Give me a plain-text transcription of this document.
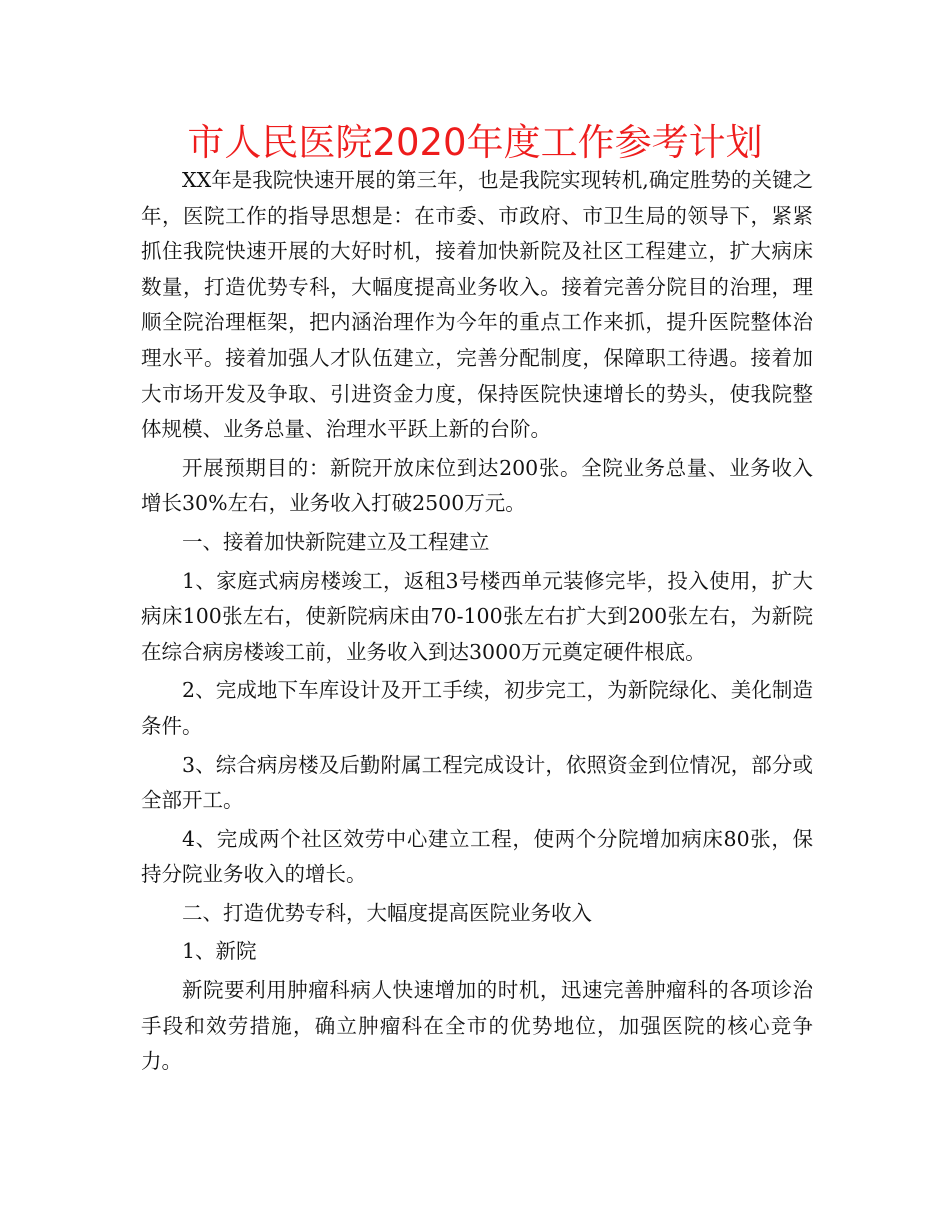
市人民医院2020年度工作参考计划

XX年是我院快速开展的第三年，也是我院实现转机,确定胜势的关键之年，医院工作的指导思想是：在市委、市政府、市卫生局的领导下，紧紧抓住我院快速开展的大好时机，接着加快新院及社区工程建立，扩大病床数量，打造优势专科，大幅度提高业务收入。接着完善分院目的治理，理顺全院治理框架，把内涵治理作为今年的重点工作来抓，提升医院整体治理水平。接着加强人才队伍建立，完善分配制度，保障职工待遇。接着加大市场开发及争取、引进资金力度，保持医院快速增长的势头，使我院整体规模、业务总量、治理水平跃上新的台阶。

开展预期目的：新院开放床位到达200张。全院业务总量、业务收入增长30%左右，业务收入打破2500万元。

一、接着加快新院建立及工程建立

1、家庭式病房楼竣工，返租3号楼西单元装修完毕，投入使用，扩大病床100张左右，使新院病床由70-100张左右扩大到200张左右，为新院在综合病房楼竣工前，业务收入到达3000万元奠定硬件根底。

2、完成地下车库设计及开工手续，初步完工，为新院绿化、美化制造条件。

3、综合病房楼及后勤附属工程完成设计，依照资金到位情况，部分或全部开工。

4、完成两个社区效劳中心建立工程，使两个分院增加病床80张，保持分院业务收入的增长。

二、打造优势专科，大幅度提高医院业务收入

1、新院

新院要利用肿瘤科病人快速增加的时机，迅速完善肿瘤科的各项诊治手段和效劳措施，确立肿瘤科在全市的优势地位，加强医院的核心竞争力。
